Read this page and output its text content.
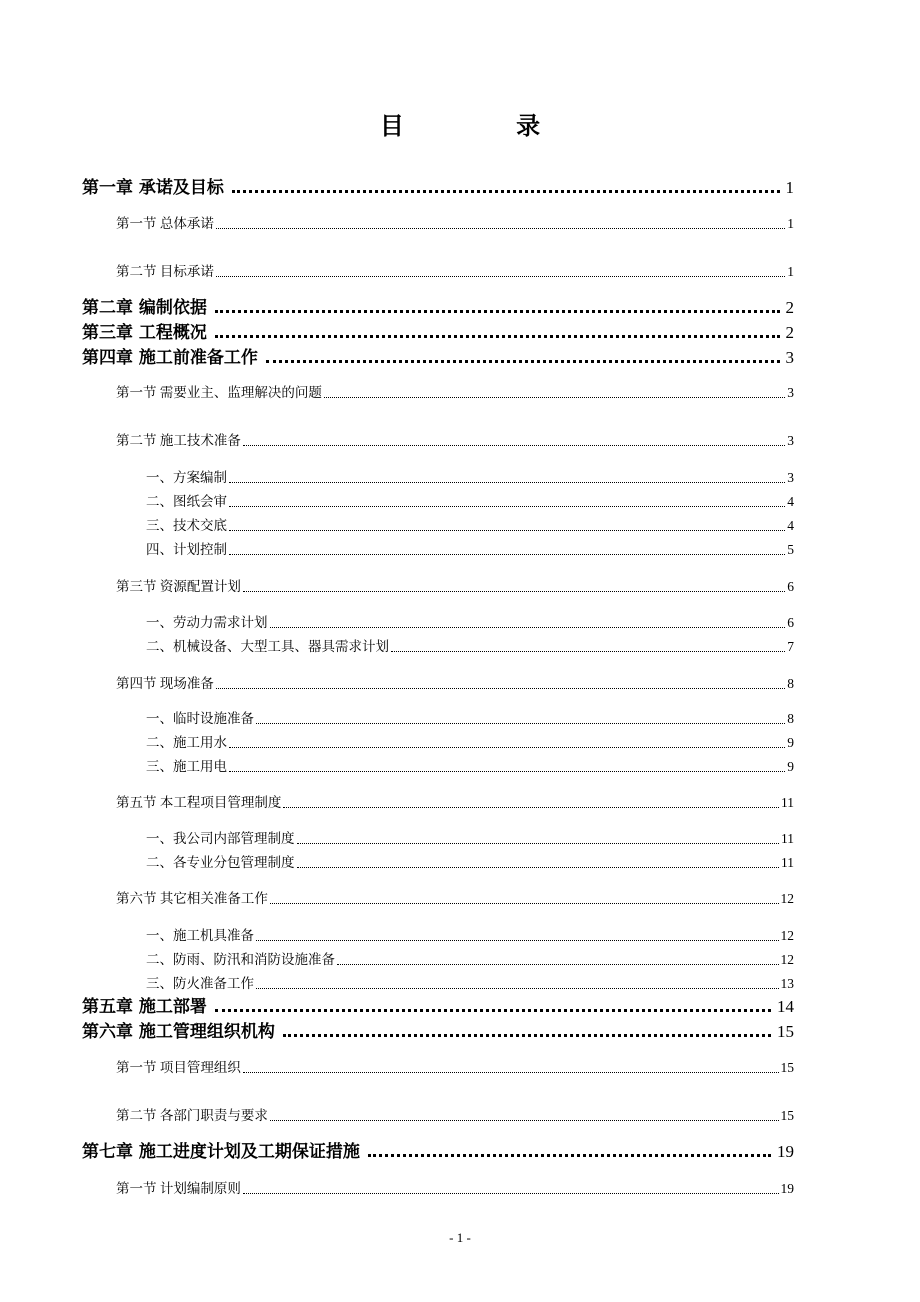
目 录
第一章 承诺及目标	1
第一节 总体承诺	1
第二节 目标承诺	1
第二章 编制依据	2
第三章 工程概况	2
第四章 施工前准备工作	3
第一节 需要业主、监理解决的问题	3
第二节 施工技术准备	3
一、方案编制	3
二、图纸会审	4
三、技术交底	4
四、计划控制	5
第三节 资源配置计划	6
一、劳动力需求计划	6
二、机械设备、大型工具、器具需求计划	7
第四节 现场准备	8
一、临时设施准备	8
二、施工用水	9
三、施工用电	9
第五节 本工程项目管理制度	11
一、我公司内部管理制度	11
二、各专业分包管理制度	11
第六节 其它相关准备工作	12
一、施工机具准备	12
二、防雨、防汛和消防设施准备	12
三、防火准备工作	13
第五章 施工部署	14
第六章 施工管理组织机构	15
第一节 项目管理组织	15
第二节 各部门职责与要求	15
第七章 施工进度计划及工期保证措施	19
第一节 计划编制原则	19
- 1 -
